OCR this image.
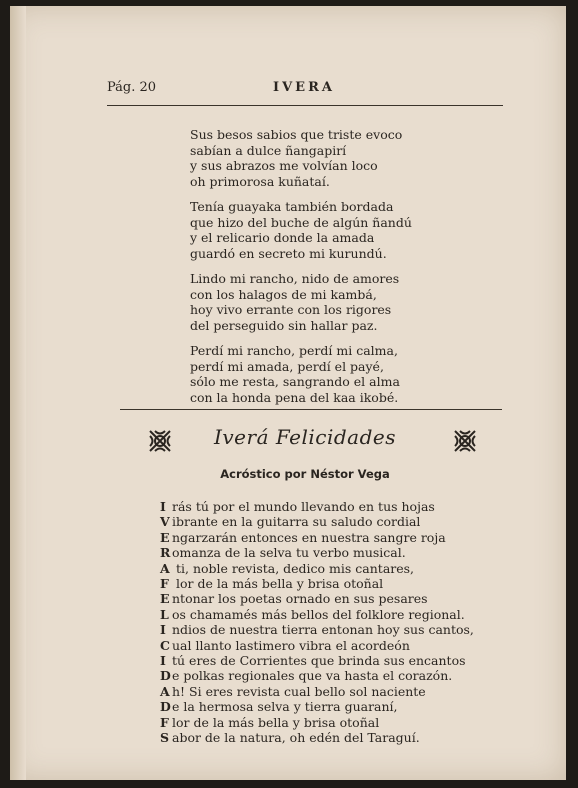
Pág. 20	IVERA
Sus besos sabios que triste evoco
sabían a dulce ñangapirí
y sus abrazos me volvían loco
oh primorosa kuñataí.
Tenía guayaka también bordada
que hizo del buche de algún ñandú
y el relicario donde la amada
guardó en secreto mi kurundú.
Lindo mi rancho, nido de amores
con los halagos de mi kambá,
hoy vivo errante con los rigores
del perseguido sin hallar paz.
Perdí mi rancho, perdí mi calma,
perdí mi amada, perdí el payé,
sólo me resta, sangrando el alma
con la honda pena del kaa ikobé.
Iverá Felicidades
Acróstico por Néstor Vega
I rás tú por el mundo llevando en tus hojas
V ibrante en la guitarra su saludo cordial
E ngarzarán entonces en nuestra sangre roja
R omanza de la selva tu verbo musical.
A ti, noble revista, dedico mis cantares,
F lor de la más bella y brisa otoñal
E ntonar los poetas ornado en sus pesares
L os chamamés más bellos del folklore regional.
I ndios de nuestra tierra entonan hoy sus cantos,
C ual llanto lastimero vibra el acordeón
I tú eres de Corrientes que brinda sus encantos
De polkas regionales que va hasta el corazón.
A h! Si eres revista cual bello sol naciente
De la hermosa selva y tierra guaraní,
F lor de la más bella y brisa otoñal
S abor de la natura, oh edén del Taraguí.
